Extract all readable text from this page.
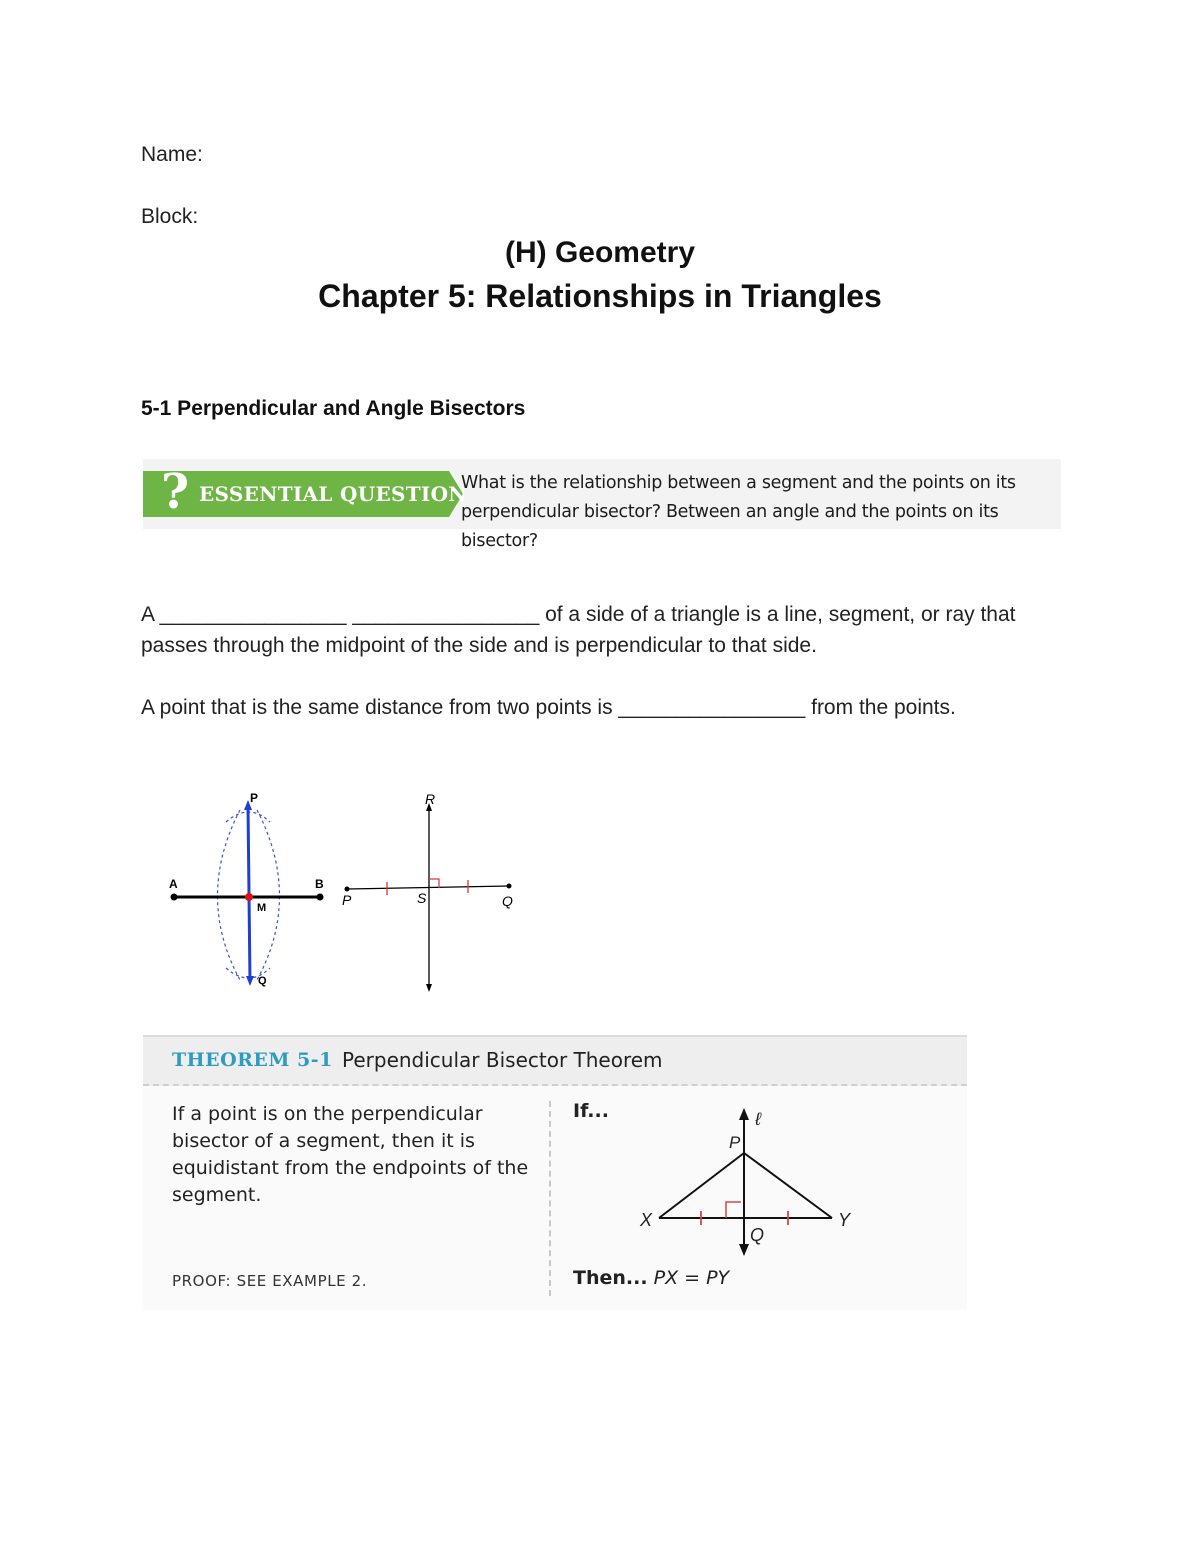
Name:
Block:
(H) Geometry
Chapter 5: Relationships in Triangles
5-1 Perpendicular and Angle Bisectors
? ESSENTIAL QUESTION
What is the relationship between a segment and the points on its
perpendicular bisector? Between an angle and the points on its bisector?
A ________________ ________________ of a side of a triangle is a line, segment, or ray that passes through the midpoint of the side and is perpendicular to that side.
A point that is the same distance from two points is ________________ from the points.
P
A	B
M
Q
R
P	S	Q
THEOREM 5-1 Perpendicular Bisector Theorem
If a point is on the perpendicular bisector of a segment, then it is equidistant from the endpoints of the segment.
PROOF: SEE EXAMPLE 2.
If...	ℓ
P
X	Y
Q
Then... PX = PY
